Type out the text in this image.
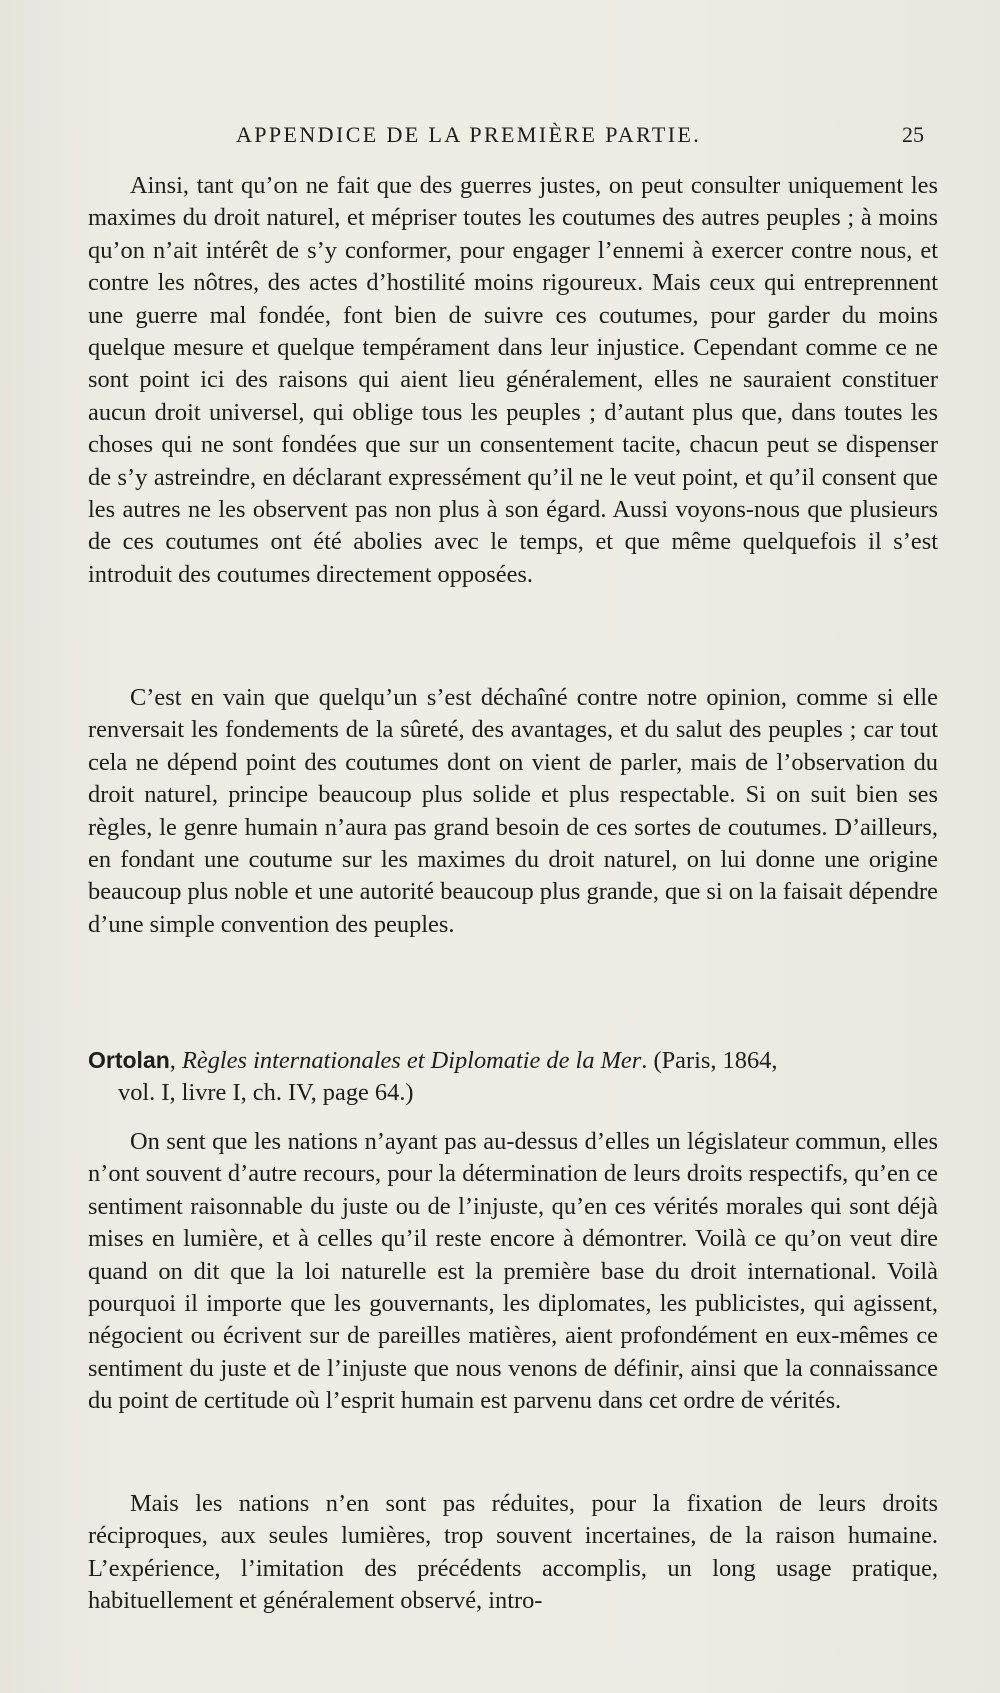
APPENDICE DE LA PREMIÈRE PARTIE.	25

Ainsi, tant qu’on ne fait que des guerres justes, on peut consulter uniquement les maximes du droit naturel, et mépriser toutes les coutumes des autres peuples ; à moins qu’on n’ait intérêt de s’y conformer, pour engager l’ennemi à exercer contre nous, et contre les nôtres, des actes d’hostilité moins rigoureux. Mais ceux qui entreprennent une guerre mal fondée, font bien de suivre ces coutumes, pour garder du moins quelque mesure et quelque tempérament dans leur injustice. Cependant comme ce ne sont point ici des raisons qui aient lieu généralement, elles ne sauraient constituer aucun droit universel, qui oblige tous les peuples ; d’autant plus que, dans toutes les choses qui ne sont fondées que sur un consentement tacite, chacun peut se dispenser de s’y astreindre, en déclarant expressément qu’il ne le veut point, et qu’il consent que les autres ne les observent pas non plus à son égard. Aussi voyons-nous que plusieurs de ces coutumes ont été abolies avec le temps, et que même quelquefois il s’est introduit des coutumes directement opposées.

C’est en vain que quelqu’un s’est déchaîné contre notre opinion, comme si elle renversait les fondements de la sûreté, des avantages, et du salut des peuples ; car tout cela ne dépend point des coutumes dont on vient de parler, mais de l’observation du droit naturel, principe beaucoup plus solide et plus respectable. Si on suit bien ses règles, le genre humain n’aura pas grand besoin de ces sortes de coutumes. D’ailleurs, en fondant une coutume sur les maximes du droit naturel, on lui donne une origine beaucoup plus noble et une autorité beaucoup plus grande, que si on la faisait dépendre d’une simple convention des peuples.

Ortolan, Règles internationales et Diplomatie de la Mer. (Paris, 1864,
vol. I, livre I, ch. IV, page 64.)

On sent que les nations n’ayant pas au-dessus d’elles un législateur commun, elles n’ont souvent d’autre recours, pour la détermination de leurs droits respectifs, qu’en ce sentiment raisonnable du juste ou de l’injuste, qu’en ces vérités morales qui sont déjà mises en lumière, et à celles qu’il reste encore à démontrer. Voilà ce qu’on veut dire quand on dit que la loi naturelle est la première base du droit international. Voilà pourquoi il importe que les gouvernants, les diplomates, les publicistes, qui agissent, négocient ou écrivent sur de pareilles matières, aient profondément en eux-mêmes ce sentiment du juste et de l’injuste que nous venons de définir, ainsi que la connaissance du point de certitude où l’esprit humain est parvenu dans cet ordre de vérités.

Mais les nations n’en sont pas réduites, pour la fixation de leurs droits réciproques, aux seules lumières, trop souvent incertaines, de la raison humaine. L’expérience, l’imitation des précédents accomplis, un long usage pratique, habituellement et généralement observé, intro-
